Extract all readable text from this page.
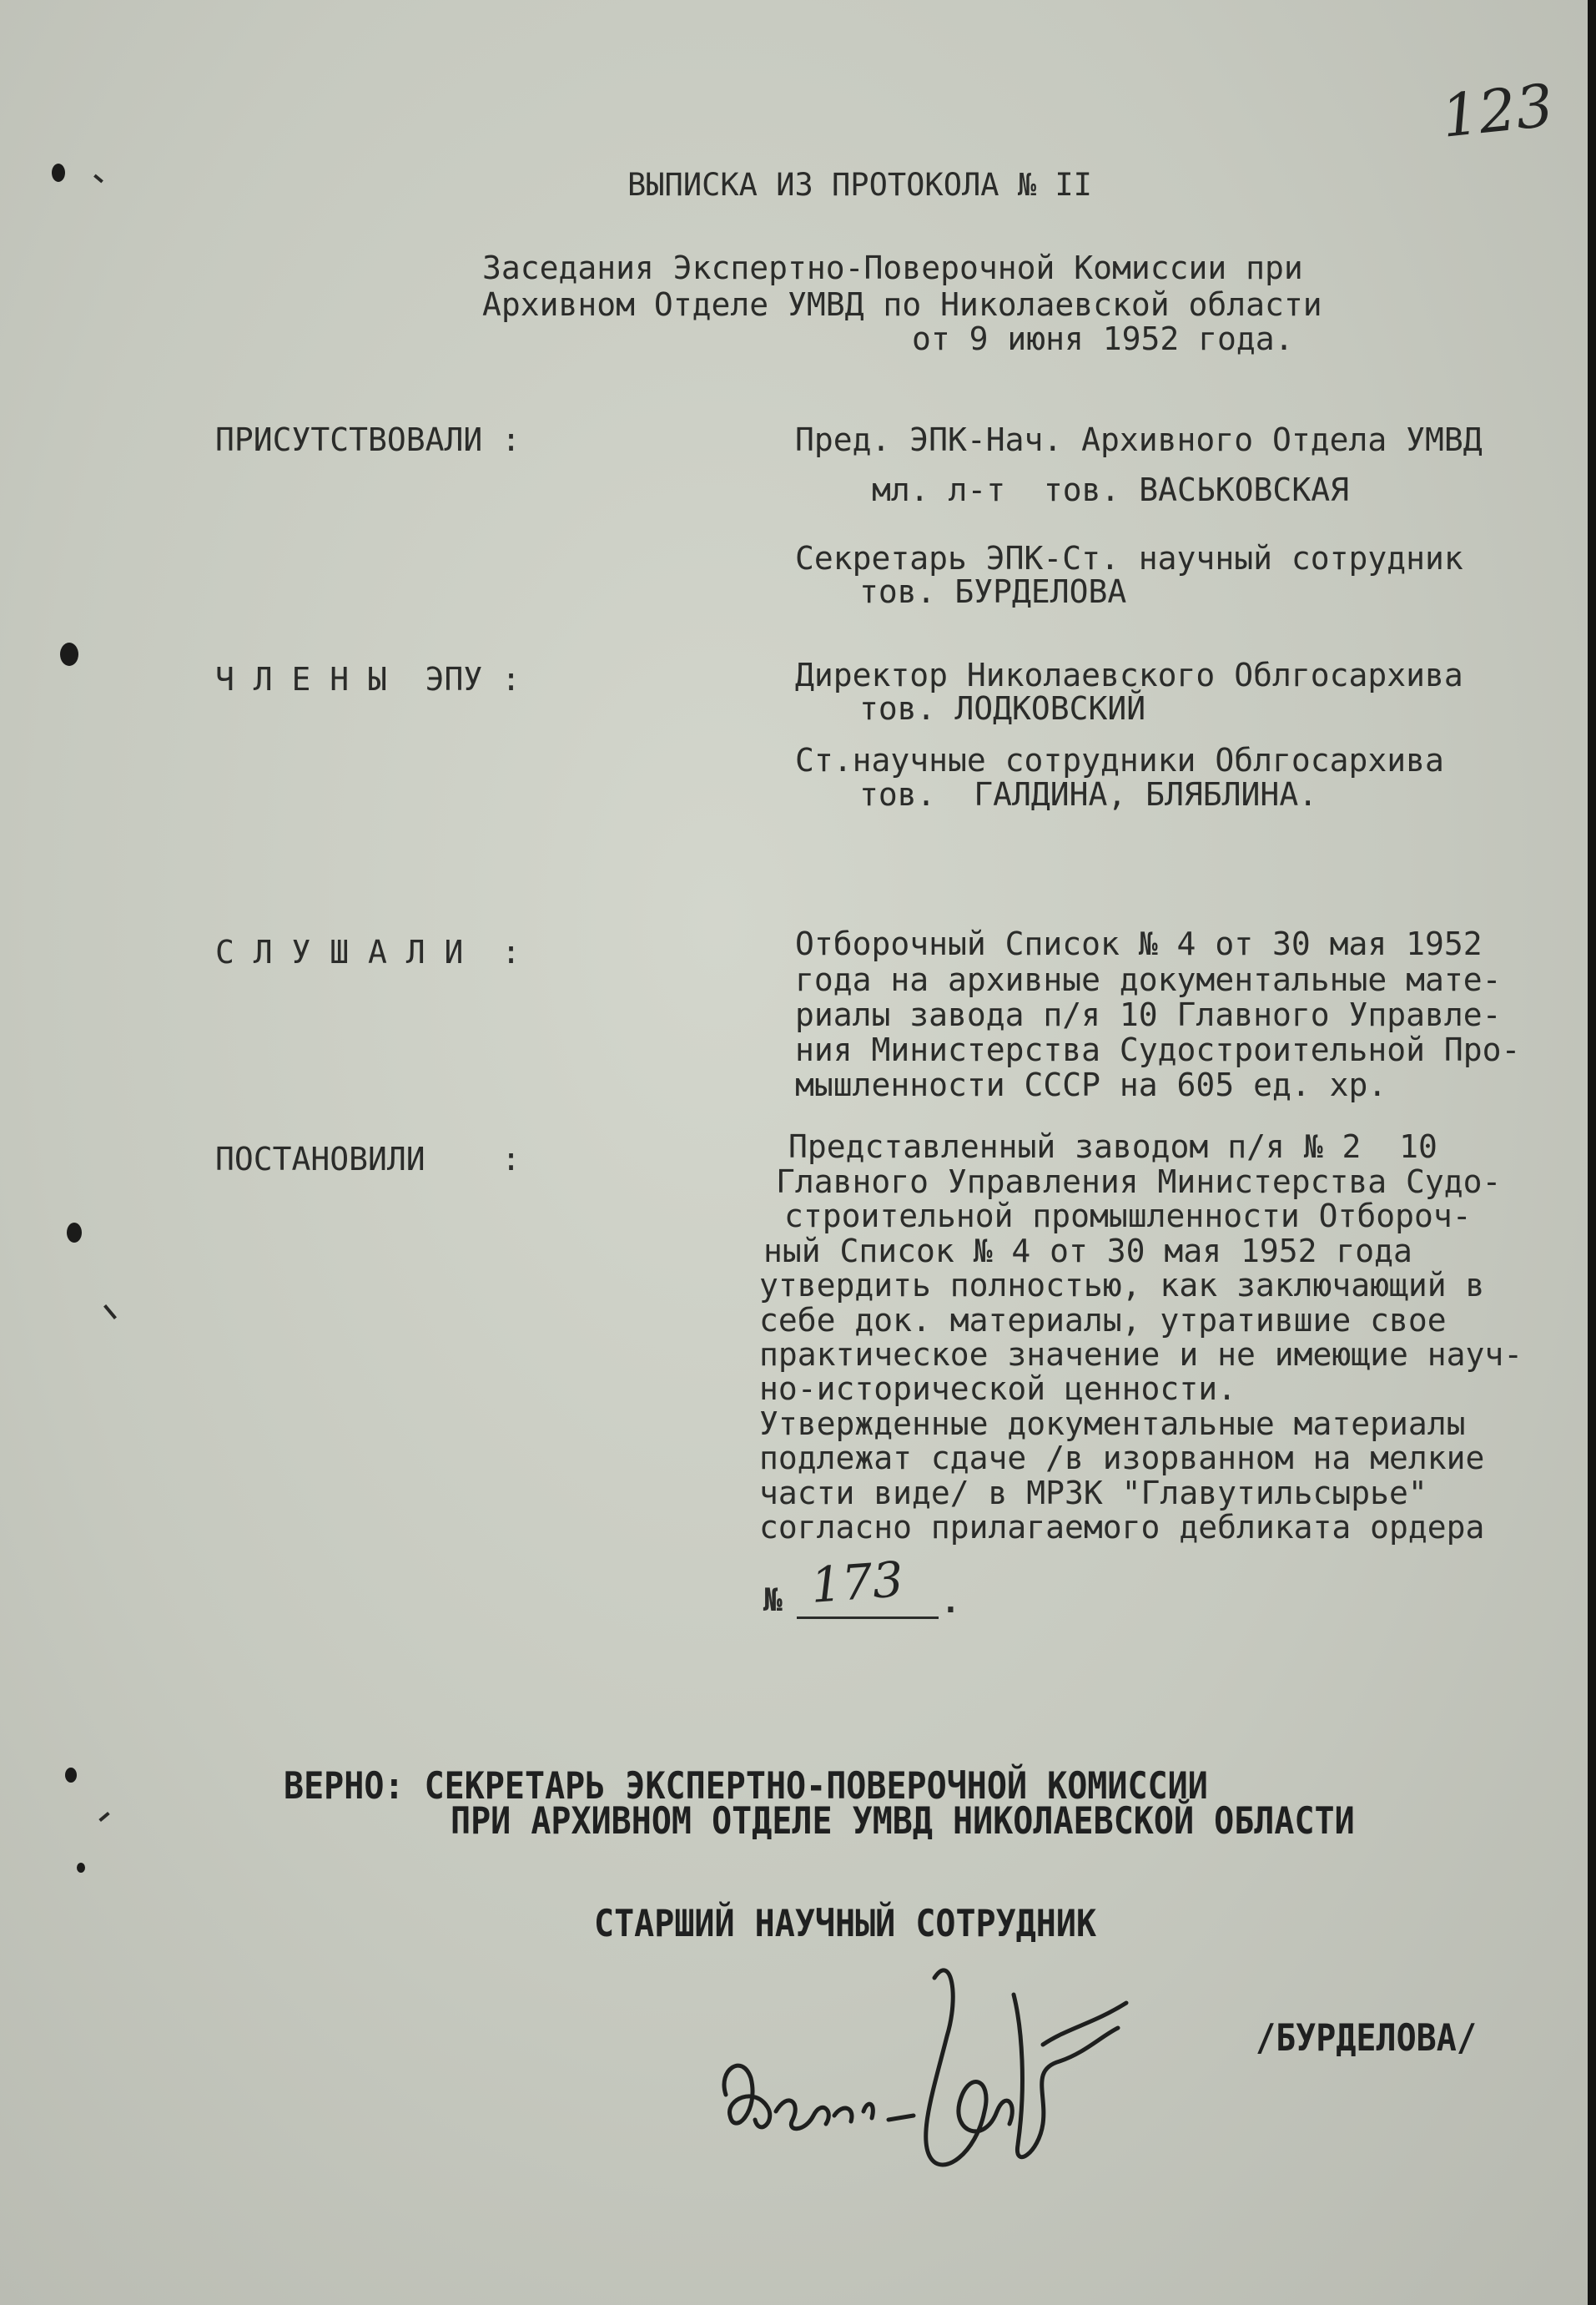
123
ВЫПИСКА ИЗ ПРОТОКОЛА № II
Заседания Экспертно-Поверочной Комиссии при
Архивном Отделе УМВД по Николаевской области
от 9 июня 1952 года.
ПРИСУТСТВОВАЛИ :	Пред. ЭПК-Нач. Архивного Отдела УМВД
мл. л-т  тов. ВАСЬКОВСКАЯ
Секретарь ЭПК-Ст. научный сотрудник
тов. БУРДЕЛОВА
Ч Л Е Н Ы  ЭПУ :	Директор Николаевского Облгосархива
тов. ЛОДКОВСКИЙ
Ст.научные сотрудники Облгосархива
тов.  ГАЛДИНА, БЛЯБЛИНА.
С Л У Ш А Л И  :	Отборочный Список № 4 от 30 мая 1952
года на архивные документальные мате-
риалы завода п/я 10 Главного Управле-
ния Министерства Судостроительной Про-
мышленности СССР на 605 ед. хр.
ПОСТАНОВИЛИ    :	Представленный заводом п/я № 2  10
Главного Управления Министерства Судо-
строительной промышленности Отбороч-
ный Список № 4 от 30 мая 1952 года
утвердить полностью, как заключающий в
себе док. материалы, утратившие свое
практическое значение и не имеющие науч-
но-исторической ценности.
Утвержденные документальные материалы
подлежат сдаче /в изорванном на мелкие
части виде/ в МРЗК "Главутильсырье"
согласно прилагаемого дебликата ордера
№ 173 .
ВЕРНО: СЕКРЕТАРЬ ЭКСПЕРТНО-ПОВЕРОЧНОЙ КОМИССИИ
ПРИ АРХИВНОМ ОТДЕЛЕ УМВД НИКОЛАЕВСКОЙ ОБЛАСТИ
СТАРШИЙ НАУЧНЫЙ СОТРУДНИК
/БУРДЕЛОВА/
